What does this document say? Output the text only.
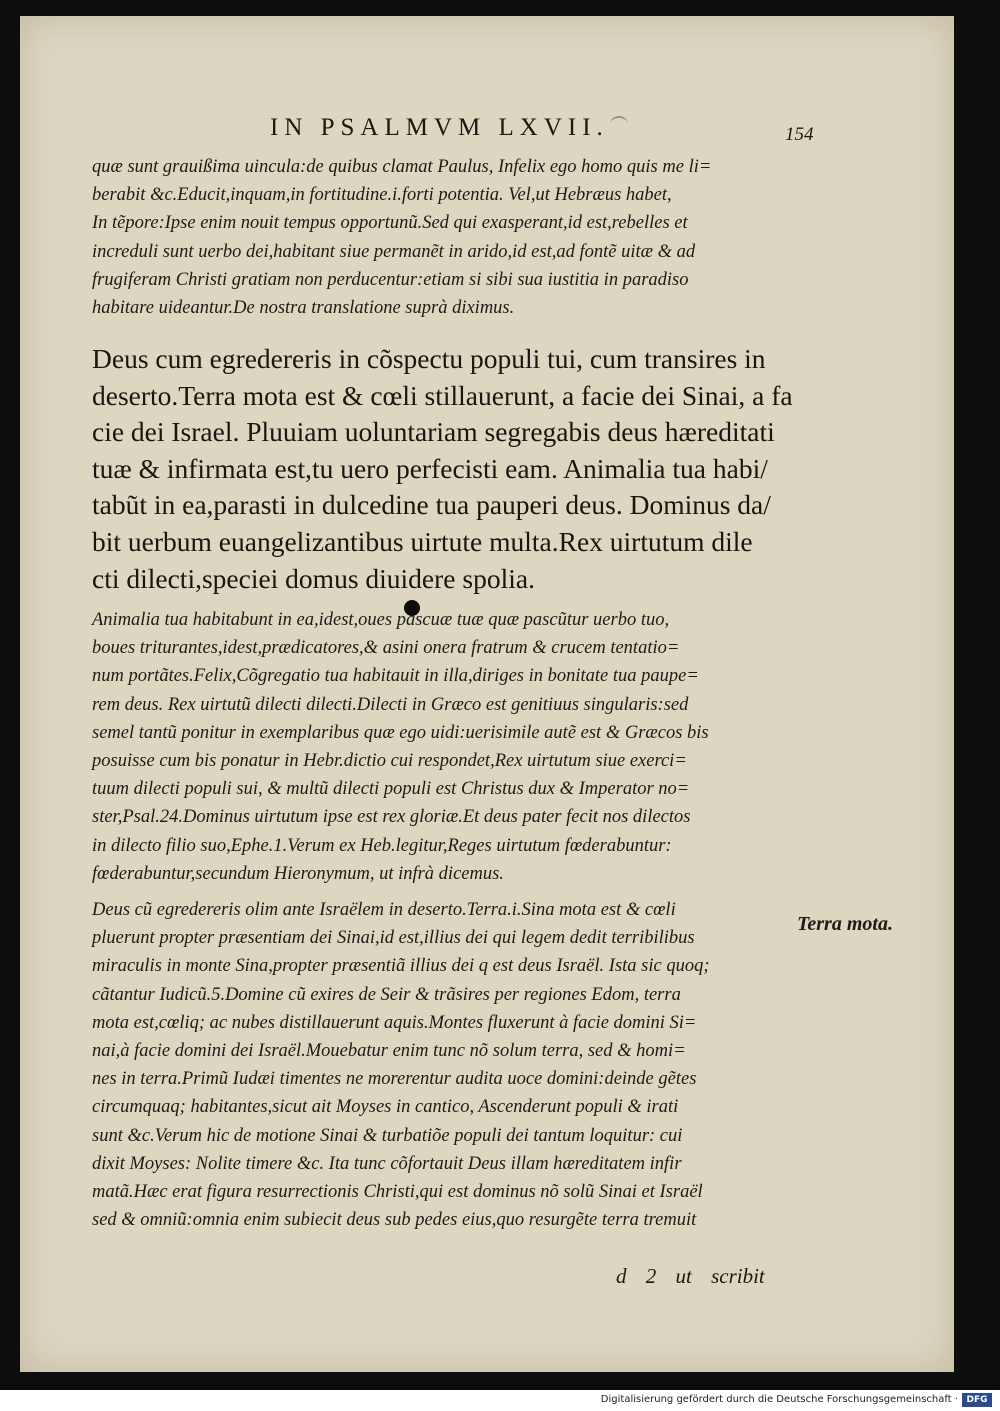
IN PSALMVM LXVII.	154
quæ sunt grauißima uincula:de quibus clamat Paulus, Infelix ego homo quis me li=
berabit &c.Educit,inquam,in fortitudine.i.forti potentia. Vel,ut Hebræus habet,
In tẽpore:Ipse enim nouit tempus opportunũ.Sed qui exasperant,id est,rebelles et
increduli sunt uerbo dei,habitant siue permanẽt in arido,id est,ad fontẽ uitæ & ad
frugiferam Christi gratiam non perducentur:etiam si sibi sua iustitia in paradiso
habitare uideantur.De nostra translatione suprà diximus.
Deus cum egredereris in cõspectu populi tui, cum transires in
deserto.Terra mota est & cœli stillauerunt, a facie dei Sinai, a fa
cie dei Israel. Pluuiam uoluntariam segregabis deus hæreditati
tuæ & infirmata est,tu uero perfecisti eam. Animalia tua habi/
tabũt in ea,parasti in dulcedine tua pauperi deus. Dominus da/
bit uerbum euangelizantibus uirtute multa.Rex uirtutum dile
cti dilecti,speciei domus diuidere spolia.
Animalia tua habitabunt in ea,idest,oues pascuæ tuæ quæ pascũtur uerbo tuo,
boues triturantes,idest,prædicatores,& asini onera fratrum & crucem tentatio=
num portãtes.Felix,Cõgregatio tua habitauit in illa,diriges in bonitate tua paupe=
rem deus. Rex uirtutũ dilecti dilecti.Dilecti in Græco est genitiuus singularis:sed
semel tantũ ponitur in exemplaribus quæ ego uidi:uerisimile autẽ est & Græcos bis
posuisse cum bis ponatur in Hebr.dictio cui respondet,Rex uirtutum siue exerci=
tuum dilecti populi sui, & multũ dilecti populi est Christus dux & Imperator no=
ster,Psal.24.Dominus uirtutum ipse est rex gloriæ.Et deus pater fecit nos dilectos
in dilecto filio suo,Ephe.1.Verum ex Heb.legitur,Reges uirtutum fœderabuntur:
fœderabuntur,secundum Hieronymum, ut infrà dicemus.
Deus cũ egredereris olim ante Israëlem in deserto.Terra.i.Sina mota est & cœli
pluerunt propter præsentiam dei Sinai,id est,illius dei qui legem dedit terribilibus
miraculis in monte Sina,propter præsentiã illius dei q est deus Israël. Ista sic quoq;
cãtantur Iudicũ.5.Domine cũ exires de Seir & trãsires per regiones Edom, terra
mota est,cœliq; ac nubes distillauerunt aquis.Montes fluxerunt à facie domini Si=
nai,à facie domini dei Israël.Mouebatur enim tunc nõ solum terra, sed & homi=
nes in terra.Primũ Iudæi timentes ne morerentur audita uoce domini:deinde gẽtes
circumquaq; habitantes,sicut ait Moyses in cantico, Ascenderunt populi & irati
sunt &c.Verum hic de motione Sinai & turbatiõe populi dei tantum loquitur: cui
dixit Moyses: Nolite timere &c. Ita tunc cõfortauit Deus illam hæreditatem infir
matã.Hæc erat figura resurrectionis Christi,qui est dominus nõ solũ Sinai et Israël
sed & omniũ:omnia enim subiecit deus sub pedes eius,quo resurgẽte terra tremuit
Terra mota.
d 2 ut scribit
Digitalisierung gefördert durch die Deutsche Forschungsgemeinschaft · DFG
